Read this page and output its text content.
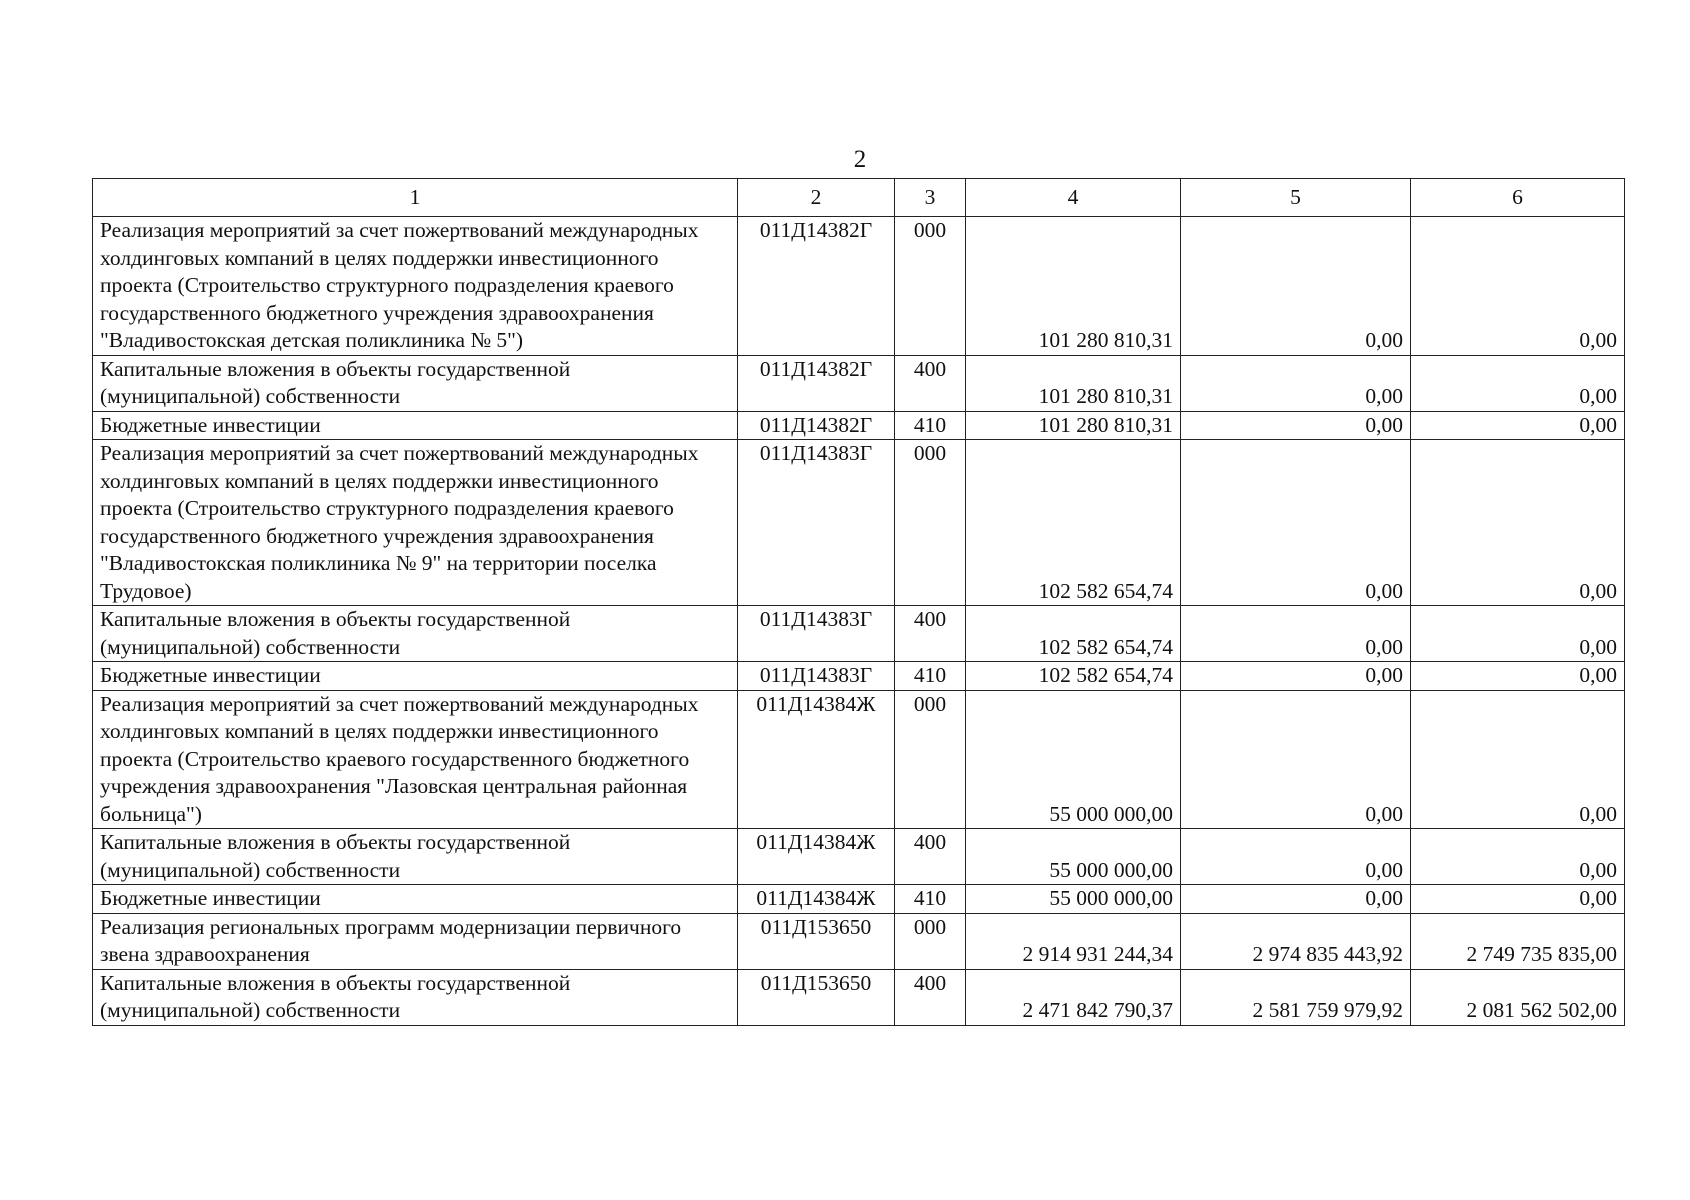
2
1	2	3	4	5	6
Реализация мероприятий за счет пожертвований международных холдинговых компаний в целях поддержки инвестиционного проекта (Строительство структурного подразделения краевого государственного бюджетного учреждения здравоохранения "Владивостокская детская поликлиника № 5")	011Д14382Г	000	101 280 810,31	0,00	0,00
Капитальные вложения в объекты государственной (муниципальной) собственности	011Д14382Г	400	101 280 810,31	0,00	0,00
Бюджетные инвестиции	011Д14382Г	410	101 280 810,31	0,00	0,00
Реализация мероприятий за счет пожертвований международных холдинговых компаний в целях поддержки инвестиционного проекта (Строительство структурного подразделения краевого государственного бюджетного учреждения здравоохранения "Владивостокская поликлиника № 9" на территории поселка Трудовое)	011Д14383Г	000	102 582 654,74	0,00	0,00
Капитальные вложения в объекты государственной (муниципальной) собственности	011Д14383Г	400	102 582 654,74	0,00	0,00
Бюджетные инвестиции	011Д14383Г	410	102 582 654,74	0,00	0,00
Реализация мероприятий за счет пожертвований международных холдинговых компаний в целях поддержки инвестиционного проекта (Строительство краевого государственного бюджетного учреждения здравоохранения "Лазовская центральная районная больница")	011Д14384Ж	000	55 000 000,00	0,00	0,00
Капитальные вложения в объекты государственной (муниципальной) собственности	011Д14384Ж	400	55 000 000,00	0,00	0,00
Бюджетные инвестиции	011Д14384Ж	410	55 000 000,00	0,00	0,00
Реализация региональных программ модернизации первичного звена здравоохранения	011Д153650	000	2 914 931 244,34	2 974 835 443,92	2 749 735 835,00
Капитальные вложения в объекты государственной (муниципальной) собственности	011Д153650	400	2 471 842 790,37	2 581 759 979,92	2 081 562 502,00
